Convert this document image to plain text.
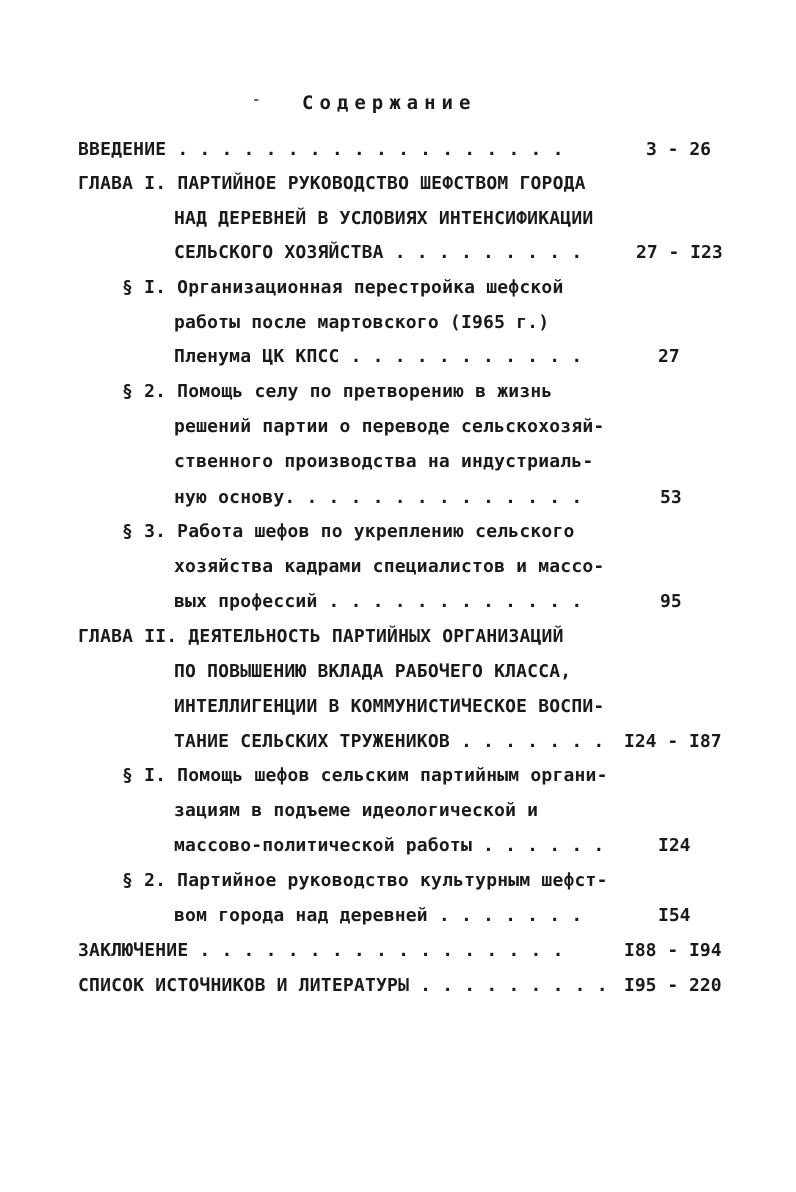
- Содержание
ВВЕДЕНИЕ . . . . . . . . . . . . . . . . . .	3 - 26
ГЛАВА I. ПАРТИЙНОЕ РУКОВОДСТВО ШЕФСТВОМ ГОРОДА
НАД ДЕРЕВНЕЙ В УСЛОВИЯХ ИНТЕНСИФИКАЦИИ
СЕЛЬСКОГО ХОЗЯЙСТВА . . . . . . . . .	27 - I23
§ I. Организационная перестройка шефской
работы после мартовского (I965 г.)
Пленума ЦК КПСС . . . . . . . . . . .	27
§ 2. Помощь селу по претворению в жизнь
решений партии о переводе сельскохозяй-
ственного производства на индустриаль-
ную основу. . . . . . . . . . . . . .	53
§ 3. Работа шефов по укреплению сельского
хозяйства кадрами специалистов и массо-
вых профессий . . . . . . . . . . . .	95
ГЛАВА II. ДЕЯТЕЛЬНОСТЬ ПАРТИЙНЫХ ОРГАНИЗАЦИЙ
ПО ПОВЫШЕНИЮ ВКЛАДА РАБОЧЕГО КЛАССА,
ИНТЕЛЛИГЕНЦИИ В КОММУНИСТИЧЕСКОЕ ВОСПИ-
ТАНИЕ СЕЛЬСКИХ ТРУЖЕНИКОВ . . . . . . . I24 - I87
§ I. Помощь шефов сельским партийным органи-
зациям в подъеме идеологической и
массово-политической работы . . . . . .	I24
§ 2. Партийное руководство культурным шефст-
вом города над деревней . . . . . . .	I54
ЗАКЛЮЧЕНИЕ . . . . . . . . . . . . . . . . .	I88 - I94
СПИСОК ИСТОЧНИКОВ И ЛИТЕРАТУРЫ . . . . . . . . . I95 - 220
